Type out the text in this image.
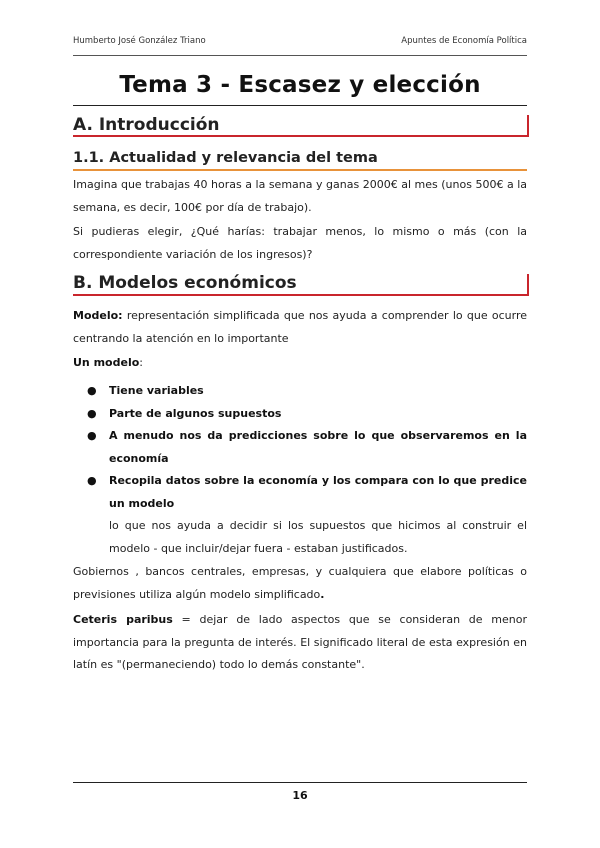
Humberto José González Triano	Apuntes de Economía Política
Tema 3 - Escasez y elección
A. Introducción
1.1. Actualidad y relevancia del tema
Imagina que trabajas 40 horas a la semana y ganas 2000€ al mes (unos 500€ a la semana, es decir, 100€ por día de trabajo).
Si pudieras elegir, ¿Qué harías: trabajar menos, lo mismo o más (con la correspondiente variación de los ingresos)?
B. Modelos económicos
Modelo: representación simplificada que nos ayuda a comprender lo que ocurre centrando la atención en lo importante
Un modelo:
● Tiene variables
● Parte de algunos supuestos
● A menudo nos da predicciones sobre lo que observaremos en la economía
● Recopila datos sobre la economía y los compara con lo que predice un modelo
lo que nos ayuda a decidir si los supuestos que hicimos al construir el modelo - que incluir/dejar fuera - estaban justificados.
Gobiernos , bancos centrales, empresas, y cualquiera que elabore políticas o previsiones utiliza algún modelo simplificado.
Ceteris paribus = dejar de lado aspectos que se consideran de menor importancia para la pregunta de interés. El significado literal de esta expresión en latín es "(permaneciendo) todo lo demás constante".
16
